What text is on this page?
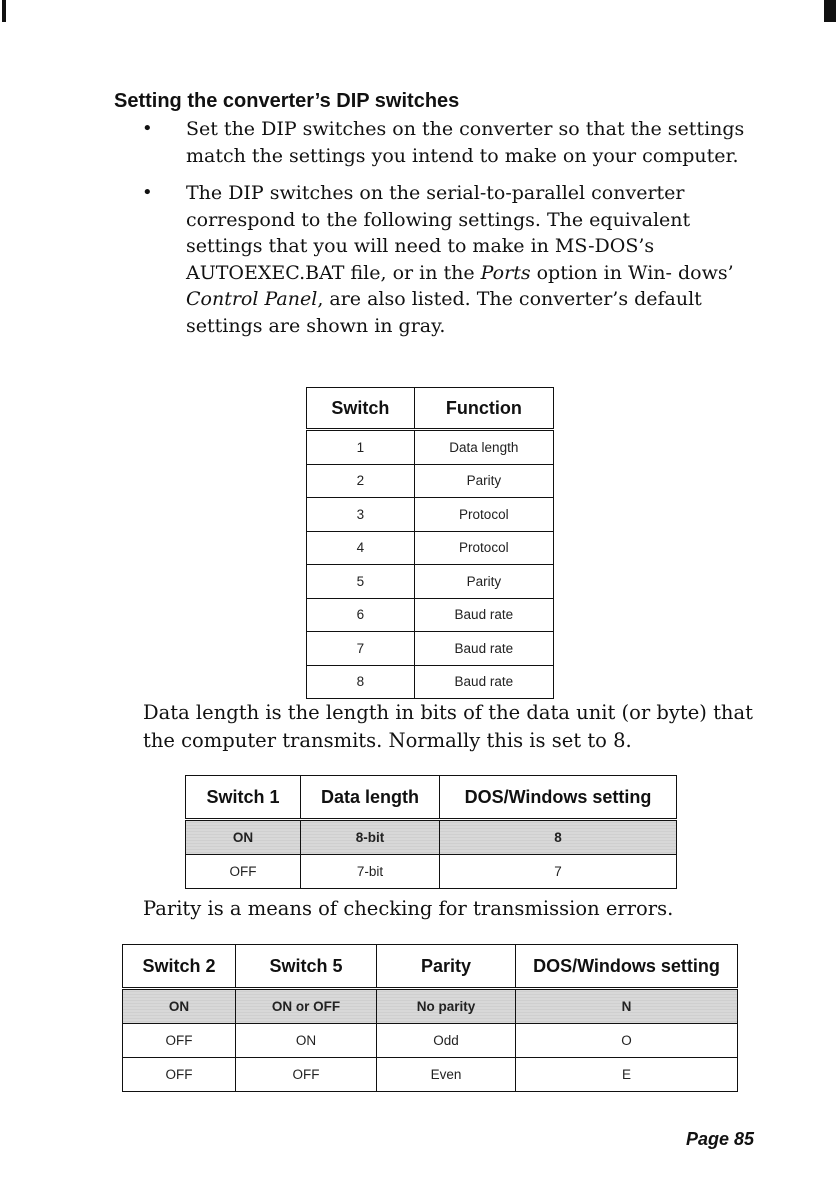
Setting the converter’s DIP switches
• Set the DIP switches on the converter so that the settings match the settings you intend to make on your computer.
• The DIP switches on the serial-to-parallel converter correspond to the following settings. The equivalent settings that you will need to make in MS-DOS’s AUTOEXEC.BAT file, or in the Ports option in Win- dows’ Control Panel, are also listed. The converter’s default settings are shown in gray.
Switch	Function
1	Data length
2	Parity
3	Protocol
4	Protocol
5	Parity
6	Baud rate
7	Baud rate
8	Baud rate

Data length is the length in bits of the data unit (or byte) that the computer transmits. Normally this is set to 8.

Switch 1	Data length	DOS/Windows setting
ON	8-bit	8
OFF	7-bit	7

Parity is a means of checking for transmission errors.

Switch 2	Switch 5	Parity	DOS/Windows setting
ON	ON or OFF	No parity	N
OFF	ON	Odd	O
OFF	OFF	Even	E
Page 85
